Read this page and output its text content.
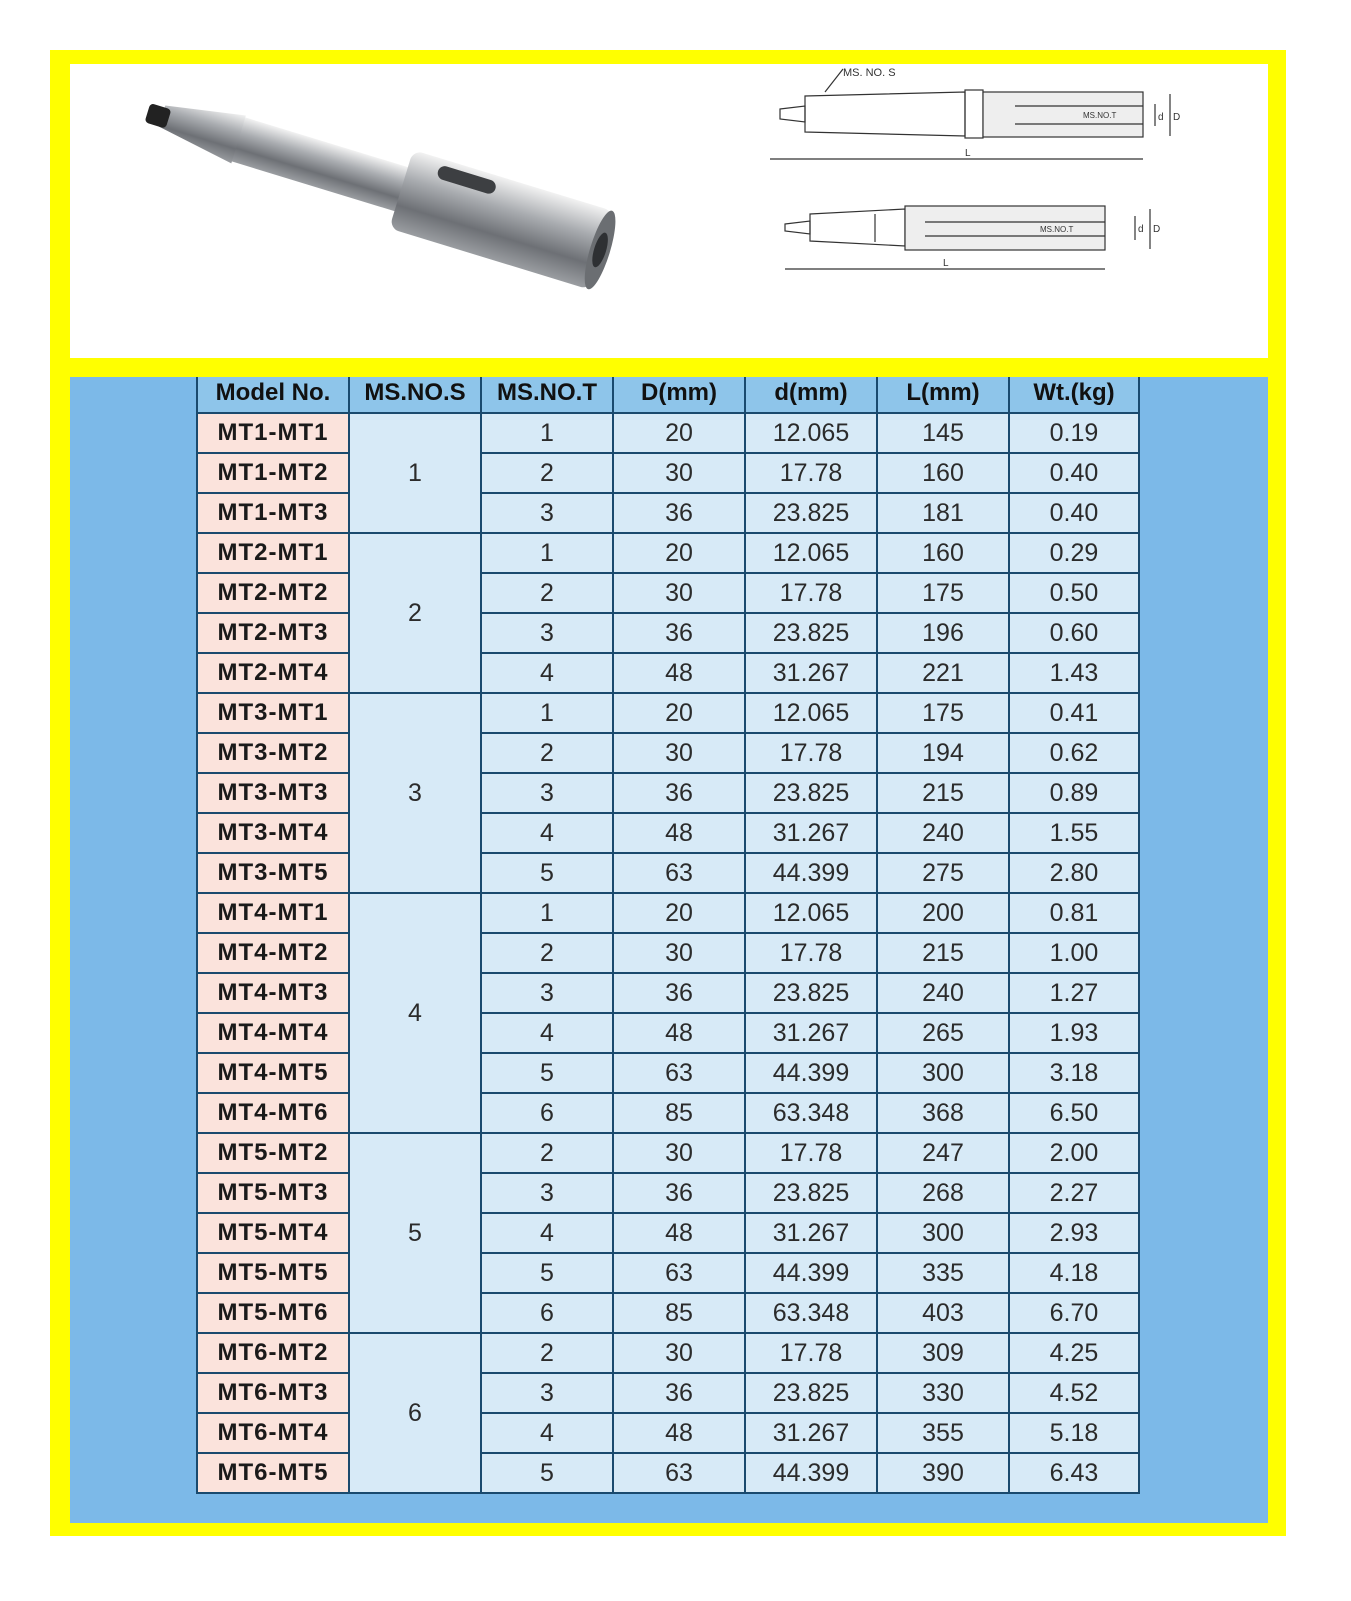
MS. NO. S
MS.NO.T
L
d D
MS.NO.T
L
d D
Model No.	MS.NO.S	MS.NO.T	D(mm)	d(mm)	L(mm)	Wt.(kg)
MT1-MT1	1	1	20	12.065	145	0.19
MT1-MT2		2	30	17.78	160	0.40
MT1-MT3		3	36	23.825	181	0.40
MT2-MT1	2	1	20	12.065	160	0.29
MT2-MT2		2	30	17.78	175	0.50
MT2-MT3		3	36	23.825	196	0.60
MT2-MT4		4	48	31.267	221	1.43
MT3-MT1	3	1	20	12.065	175	0.41
MT3-MT2		2	30	17.78	194	0.62
MT3-MT3		3	36	23.825	215	0.89
MT3-MT4		4	48	31.267	240	1.55
MT3-MT5		5	63	44.399	275	2.80
MT4-MT1	4	1	20	12.065	200	0.81
MT4-MT2		2	30	17.78	215	1.00
MT4-MT3		3	36	23.825	240	1.27
MT4-MT4		4	48	31.267	265	1.93
MT4-MT5		5	63	44.399	300	3.18
MT4-MT6		6	85	63.348	368	6.50
MT5-MT2	5	2	30	17.78	247	2.00
MT5-MT3		3	36	23.825	268	2.27
MT5-MT4		4	48	31.267	300	2.93
MT5-MT5		5	63	44.399	335	4.18
MT5-MT6		6	85	63.348	403	6.70
MT6-MT2	6	2	30	17.78	309	4.25
MT6-MT3		3	36	23.825	330	4.52
MT6-MT4		4	48	31.267	355	5.18
MT6-MT5		5	63	44.399	390	6.43
